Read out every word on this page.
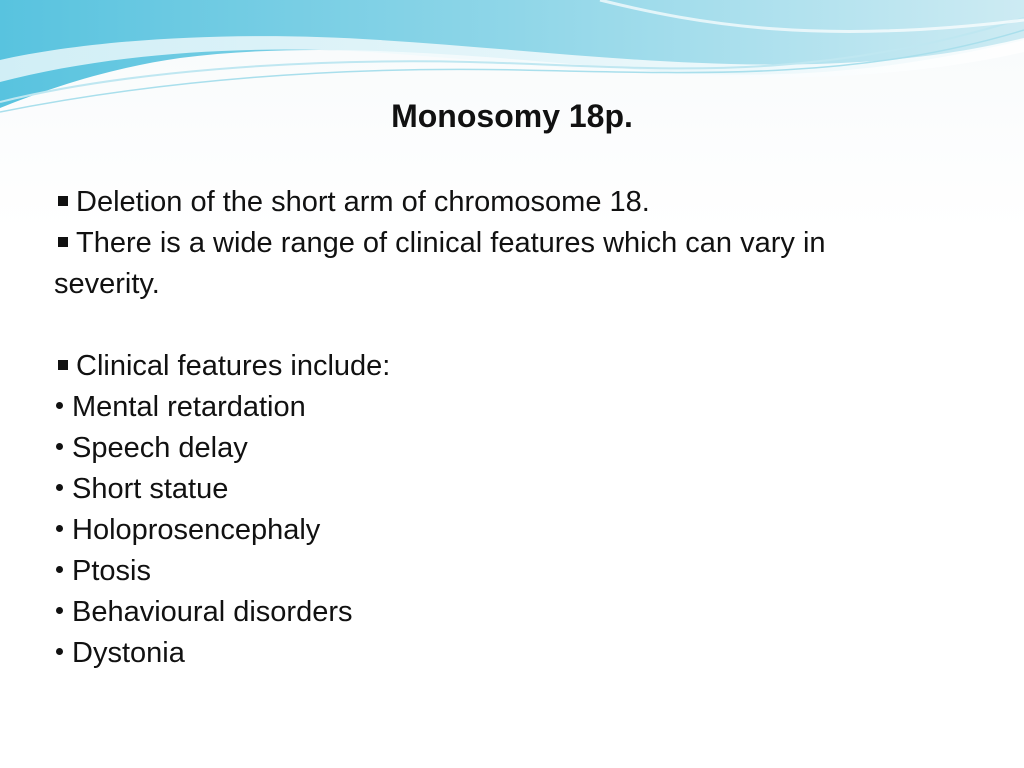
Monosomy 18p.
Deletion of the short arm of chromosome 18.
There is a wide range of clinical features which can vary in severity.
Clinical features include:
Mental retardation
Speech delay
Short statue
Holoprosencephaly
Ptosis
Behavioural disorders
Dystonia
